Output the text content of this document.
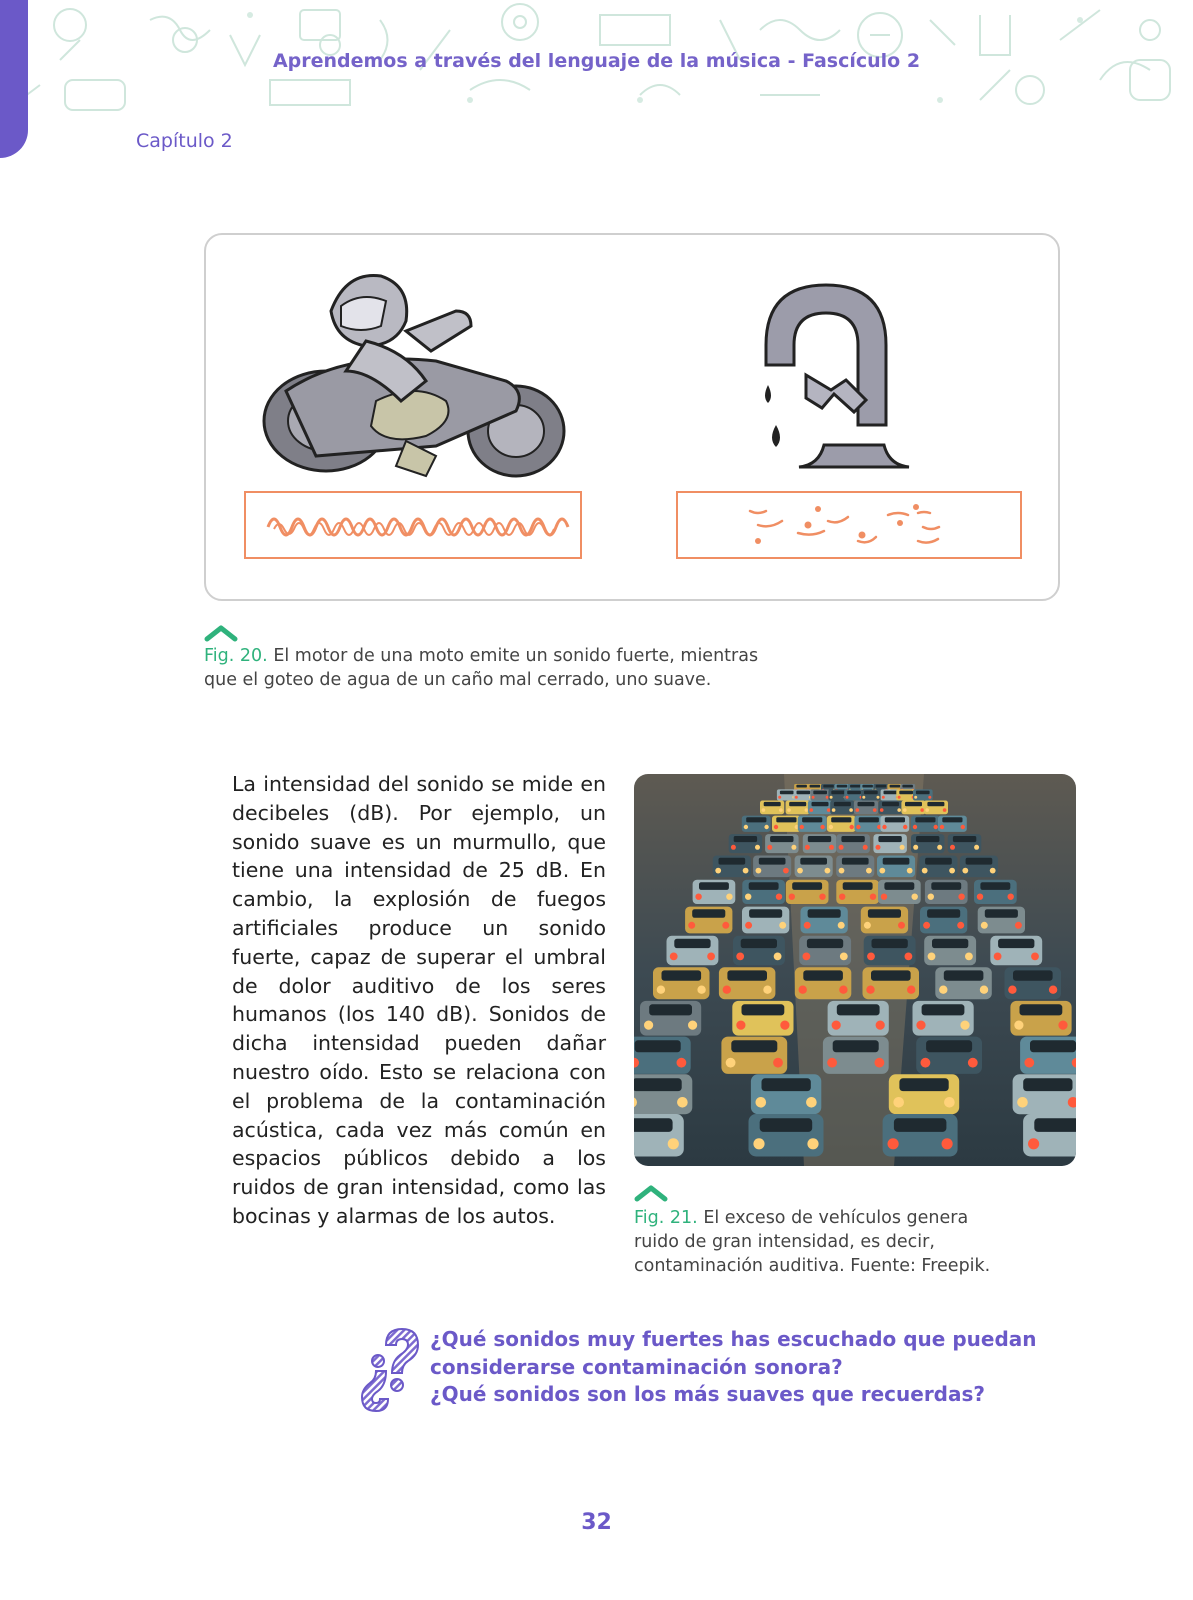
Aprendemos a través del lenguaje de la música - Fascículo 2
Capítulo 2
Fig. 20. El motor de una moto emite un sonido fuerte, mientras
que el goteo de agua de un caño mal cerrado, uno suave.
La intensidad del sonido se mide en decibeles (dB). Por ejemplo, un sonido suave es un murmullo, que tiene una intensidad de 25 dB. En cambio, la explosión de fuegos artificiales produce un sonido fuerte, capaz de superar el umbral de dolor auditivo de los seres humanos (los 140 dB). Sonidos de dicha intensidad pueden dañar nuestro oído. Esto se relaciona con el problema de la contaminación acústica, cada vez más común en espacios públicos debido a los ruidos de gran intensidad, como las bocinas y alarmas de los autos.	Fig. 21. El exceso de vehículos genera
ruido de gran intensidad, es decir,
contaminación auditiva. Fuente: Freepik.
¿Qué sonidos muy fuertes has escuchado que puedan
considerarse contaminación sonora?
¿Qué sonidos son los más suaves que recuerdas?
32
